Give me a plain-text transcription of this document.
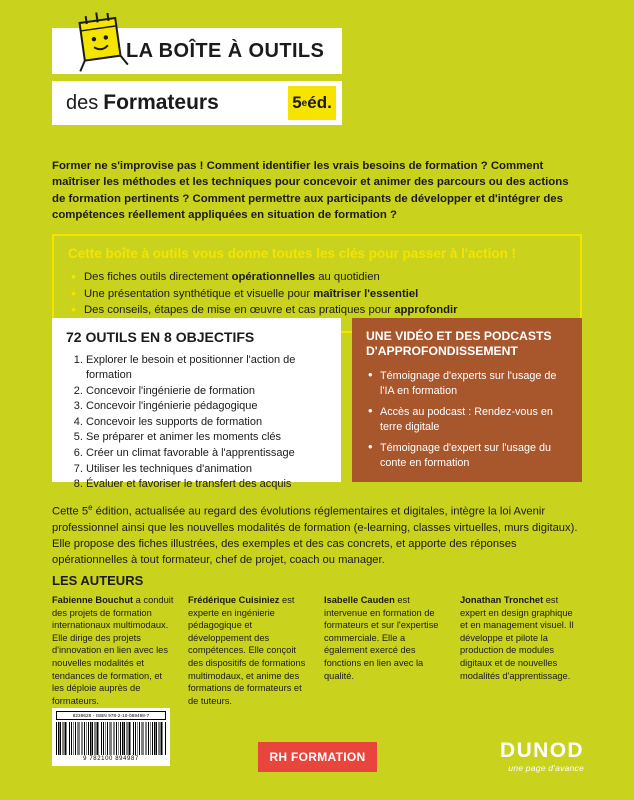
LA BOÎTE À OUTILS
des Formateurs	5 e éd.
Former ne s'improvise pas ! Comment identifier les vrais besoins de formation ? Comment maîtriser les méthodes et les techniques pour concevoir et animer des parcours ou des actions de formation pertinents ? Comment permettre aux participants de développer et d'intégrer des compétences réellement appliquées en situation de formation ?
Cette boîte à outils vous donne toutes les clés pour passer à l'action !
• Des fiches outils directement opérationnelles au quotidien
• Une présentation synthétique et visuelle pour maîtriser l'essentiel
• Des conseils, étapes de mise en œuvre et cas pratiques pour approfondir
72 OUTILS EN 8 OBJECTIFS
1. Explorer le besoin et positionner l'action de formation
2. Concevoir l'ingénierie de formation
3. Concevoir l'ingénierie pédagogique
4. Concevoir les supports de formation
5. Se préparer et animer les moments clés
6. Créer un climat favorable à l'apprentissage
7. Utiliser les techniques d'animation
8. Évaluer et favoriser le transfert des acquis
UNE VIDÉO ET DES PODCASTS D'APPROFONDISSEMENT
• Témoignage d'experts sur l'usage de l'IA en formation
• Accès au podcast : Rendez-vous en terre digitale
• Témoignage d'expert sur l'usage du conte en formation
Cette 5e édition, actualisée au regard des évolutions réglementaires et digitales, intègre la loi Avenir professionnel ainsi que les nouvelles modalités de formation (e-learning, classes virtuelles, murs digitaux). Elle propose des fiches illustrées, des exemples et des cas concrets, et apporte des réponses opérationnelles à tout formateur, chef de projet, coach ou manager.
LES AUTEURS
Fabienne Bouchut a conduit des projets de formation internationaux multimodaux. Elle dirige des projets d'innovation en lien avec les nouvelles modalités et tendances de formation, et les déploie auprès de formateurs.
Frédérique Cuisiniez est experte en ingénierie pédagogique et développement des compétences. Elle conçoit des dispositifs de formations multimodaux, et anime des formations de formateurs et de tuteurs.
Isabelle Cauden est intervenue en formation de formateurs et sur l'expertise commerciale. Elle a également exercé des fonctions en lien avec la qualité.
Jonathan Tronchet est expert en design graphique et en management visuel. Il développe et pilote la production de modules digitaux et de nouvelles modalités d'apprentissage.
8239628 - ISBN 978-2-10-089498-7
9 782100 894987	RH FORMATION	DUNOD
une page d'avance
